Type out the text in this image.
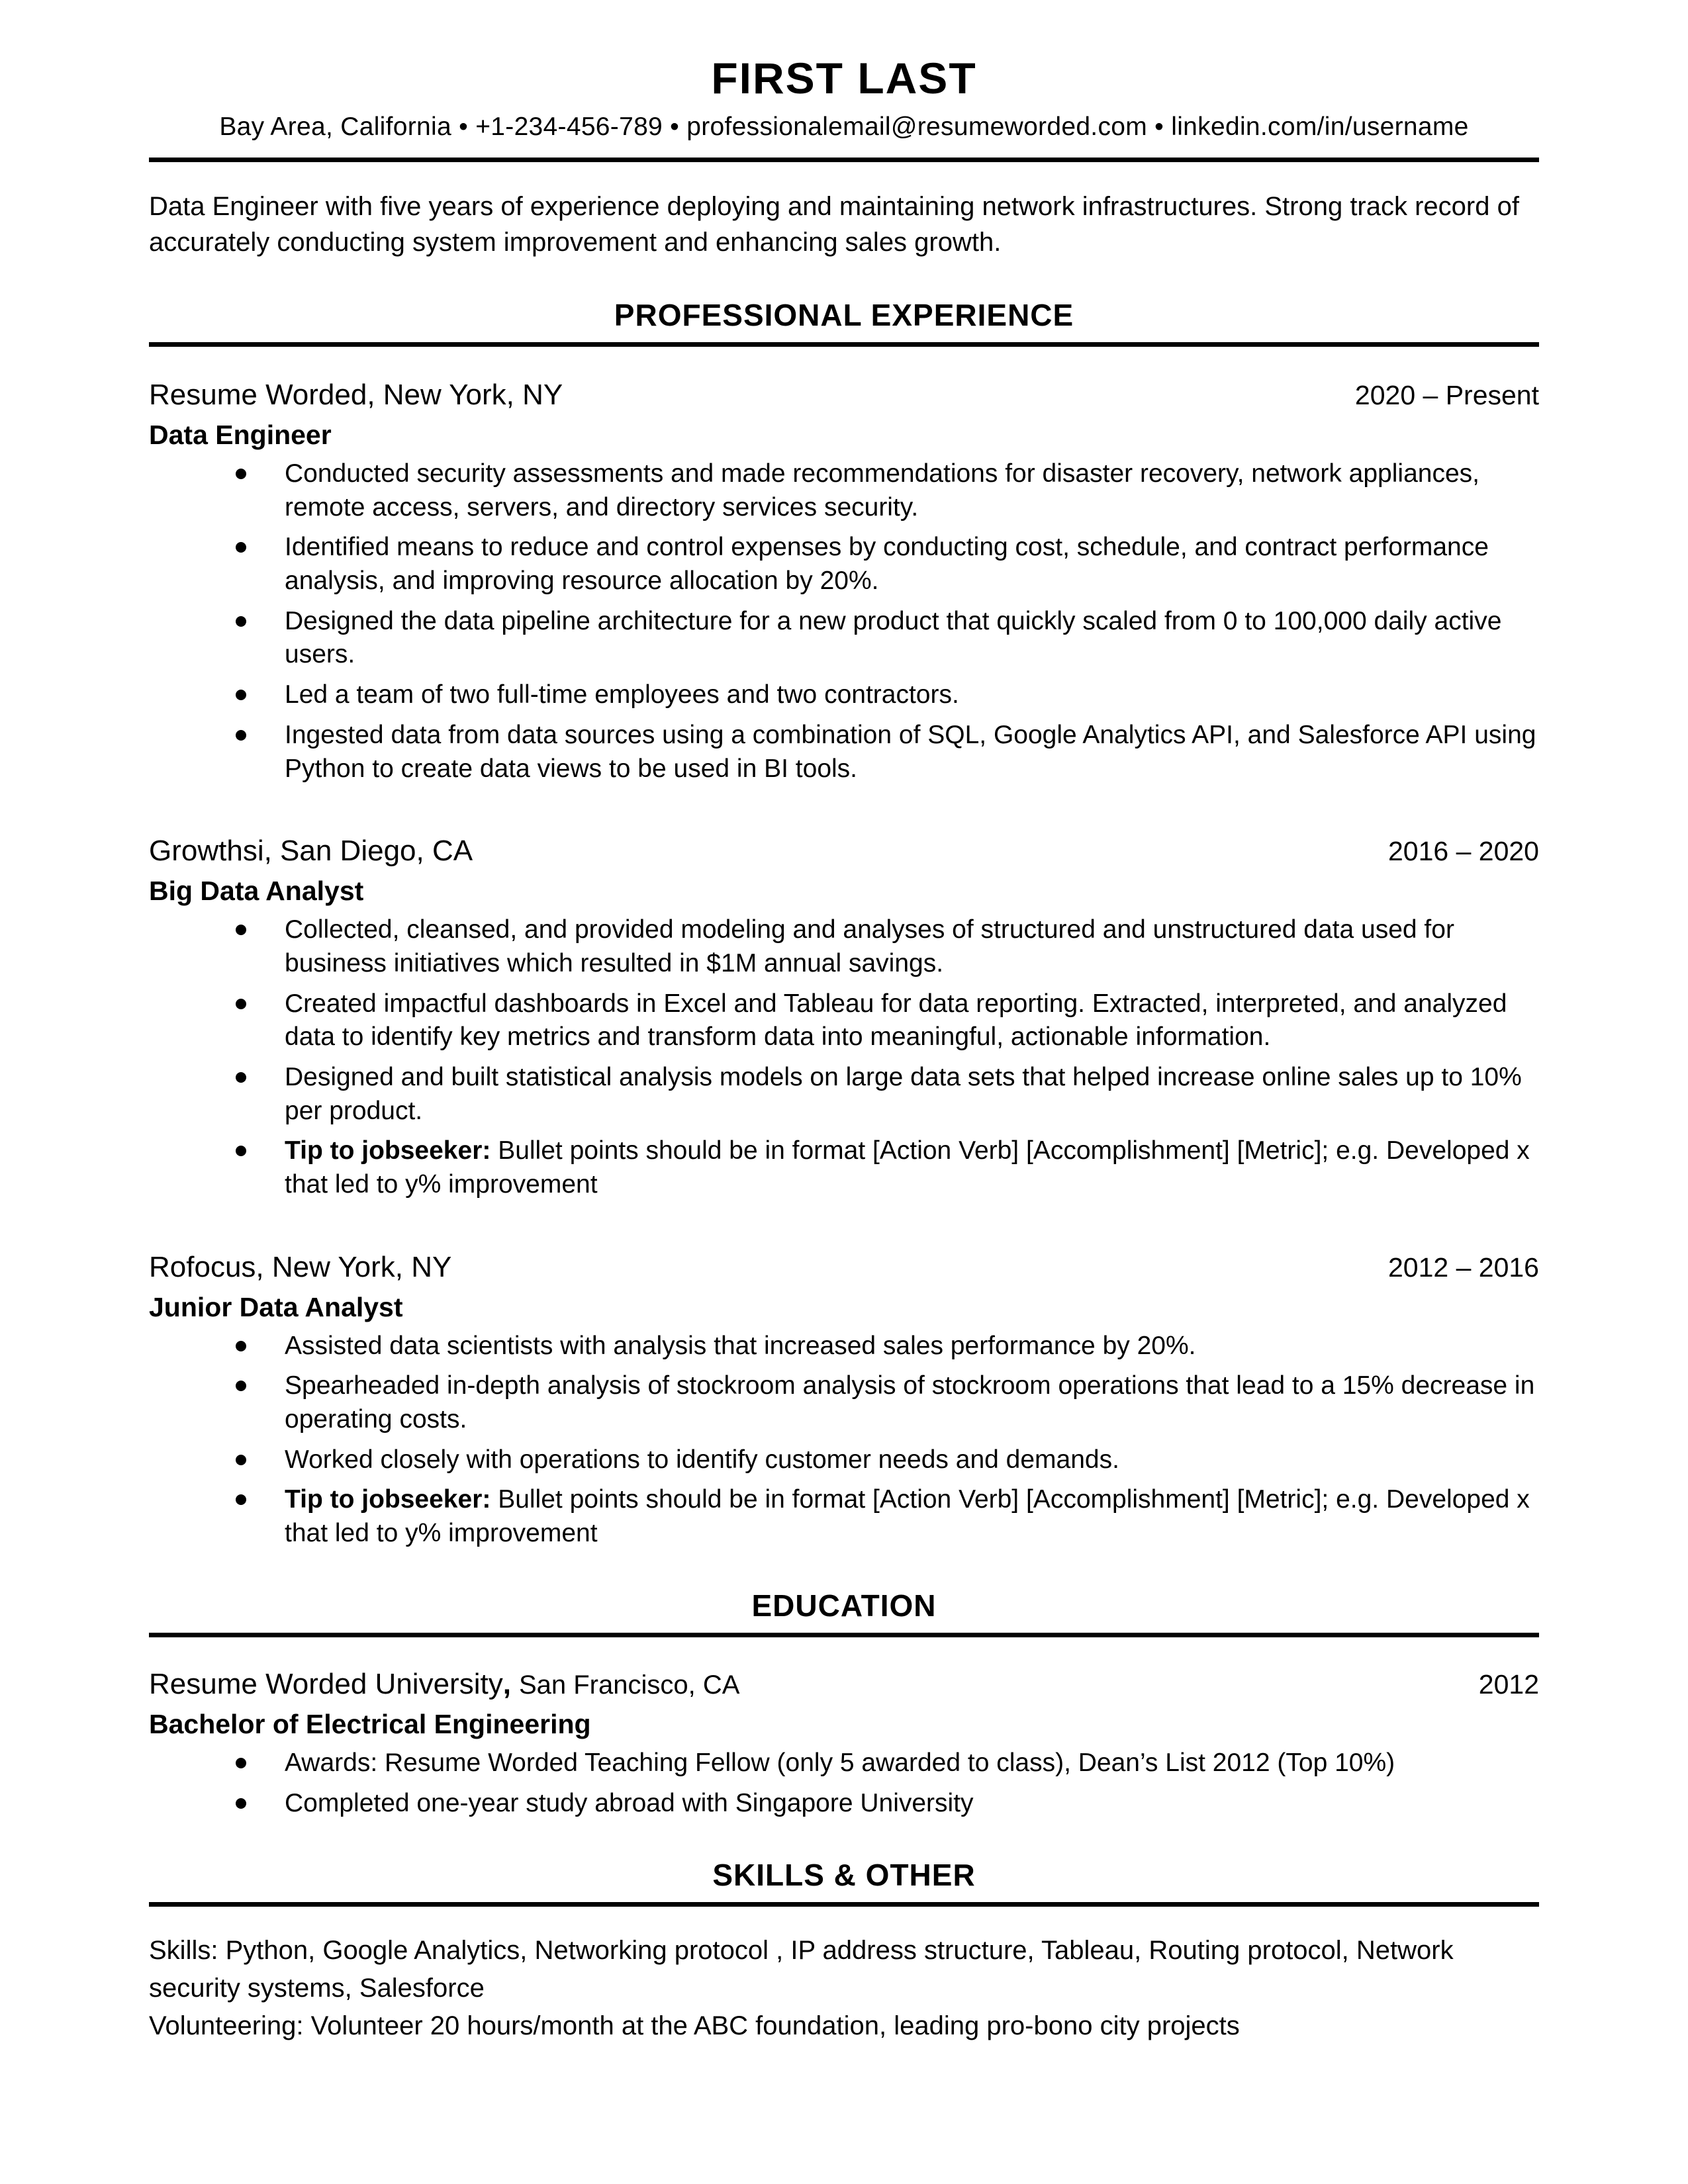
FIRST LAST
Bay Area, California • +1-234-456-789 • professionalemail@resumeworded.com • linkedin.com/in/username

Data Engineer with five years of experience deploying and maintaining network infrastructures. Strong track record of accurately conducting system improvement and enhancing sales growth.

PROFESSIONAL EXPERIENCE
Resume Worded, New York, NY	2020 – Present
Data Engineer
Conducted security assessments and made recommendations for disaster recovery, network appliances, remote access, servers, and directory services security.
Identified means to reduce and control expenses by conducting cost, schedule, and contract performance analysis, and improving resource allocation by 20%.
Designed the data pipeline architecture for a new product that quickly scaled from 0 to 100,000 daily active users.
Led a team of two full-time employees and two contractors.
Ingested data from data sources using a combination of SQL, Google Analytics API, and Salesforce API using Python to create data views to be used in BI tools.
Growthsi, San Diego, CA	2016 – 2020
Big Data Analyst
Collected, cleansed, and provided modeling and analyses of structured and unstructured data used for business initiatives which resulted in $1M annual savings.
Created impactful dashboards in Excel and Tableau for data reporting. Extracted, interpreted, and analyzed data to identify key metrics and transform data into meaningful, actionable information.
Designed and built statistical analysis models on large data sets that helped increase online sales up to 10% per product.
Tip to jobseeker: Bullet points should be in format [Action Verb] [Accomplishment] [Metric]; e.g. Developed x that led to y% improvement
Rofocus, New York, NY	2012 – 2016
Junior Data Analyst
Assisted data scientists with analysis that increased sales performance by 20%.
Spearheaded in-depth analysis of stockroom analysis of stockroom operations that lead to a 15% decrease in operating costs.
Worked closely with operations to identify customer needs and demands.
Tip to jobseeker: Bullet points should be in format [Action Verb] [Accomplishment] [Metric]; e.g. Developed x that led to y% improvement
EDUCATION
Resume Worded University, San Francisco, CA	2012
Bachelor of Electrical Engineering
Awards: Resume Worded Teaching Fellow (only 5 awarded to class), Dean’s List 2012 (Top 10%)
Completed one-year study abroad with Singapore University
SKILLS & OTHER

Skills: Python, Google Analytics, Networking protocol , IP address structure, Tableau, Routing protocol, Network security systems, Salesforce

Volunteering: Volunteer 20 hours/month at the ABC foundation, leading pro-bono city projects
